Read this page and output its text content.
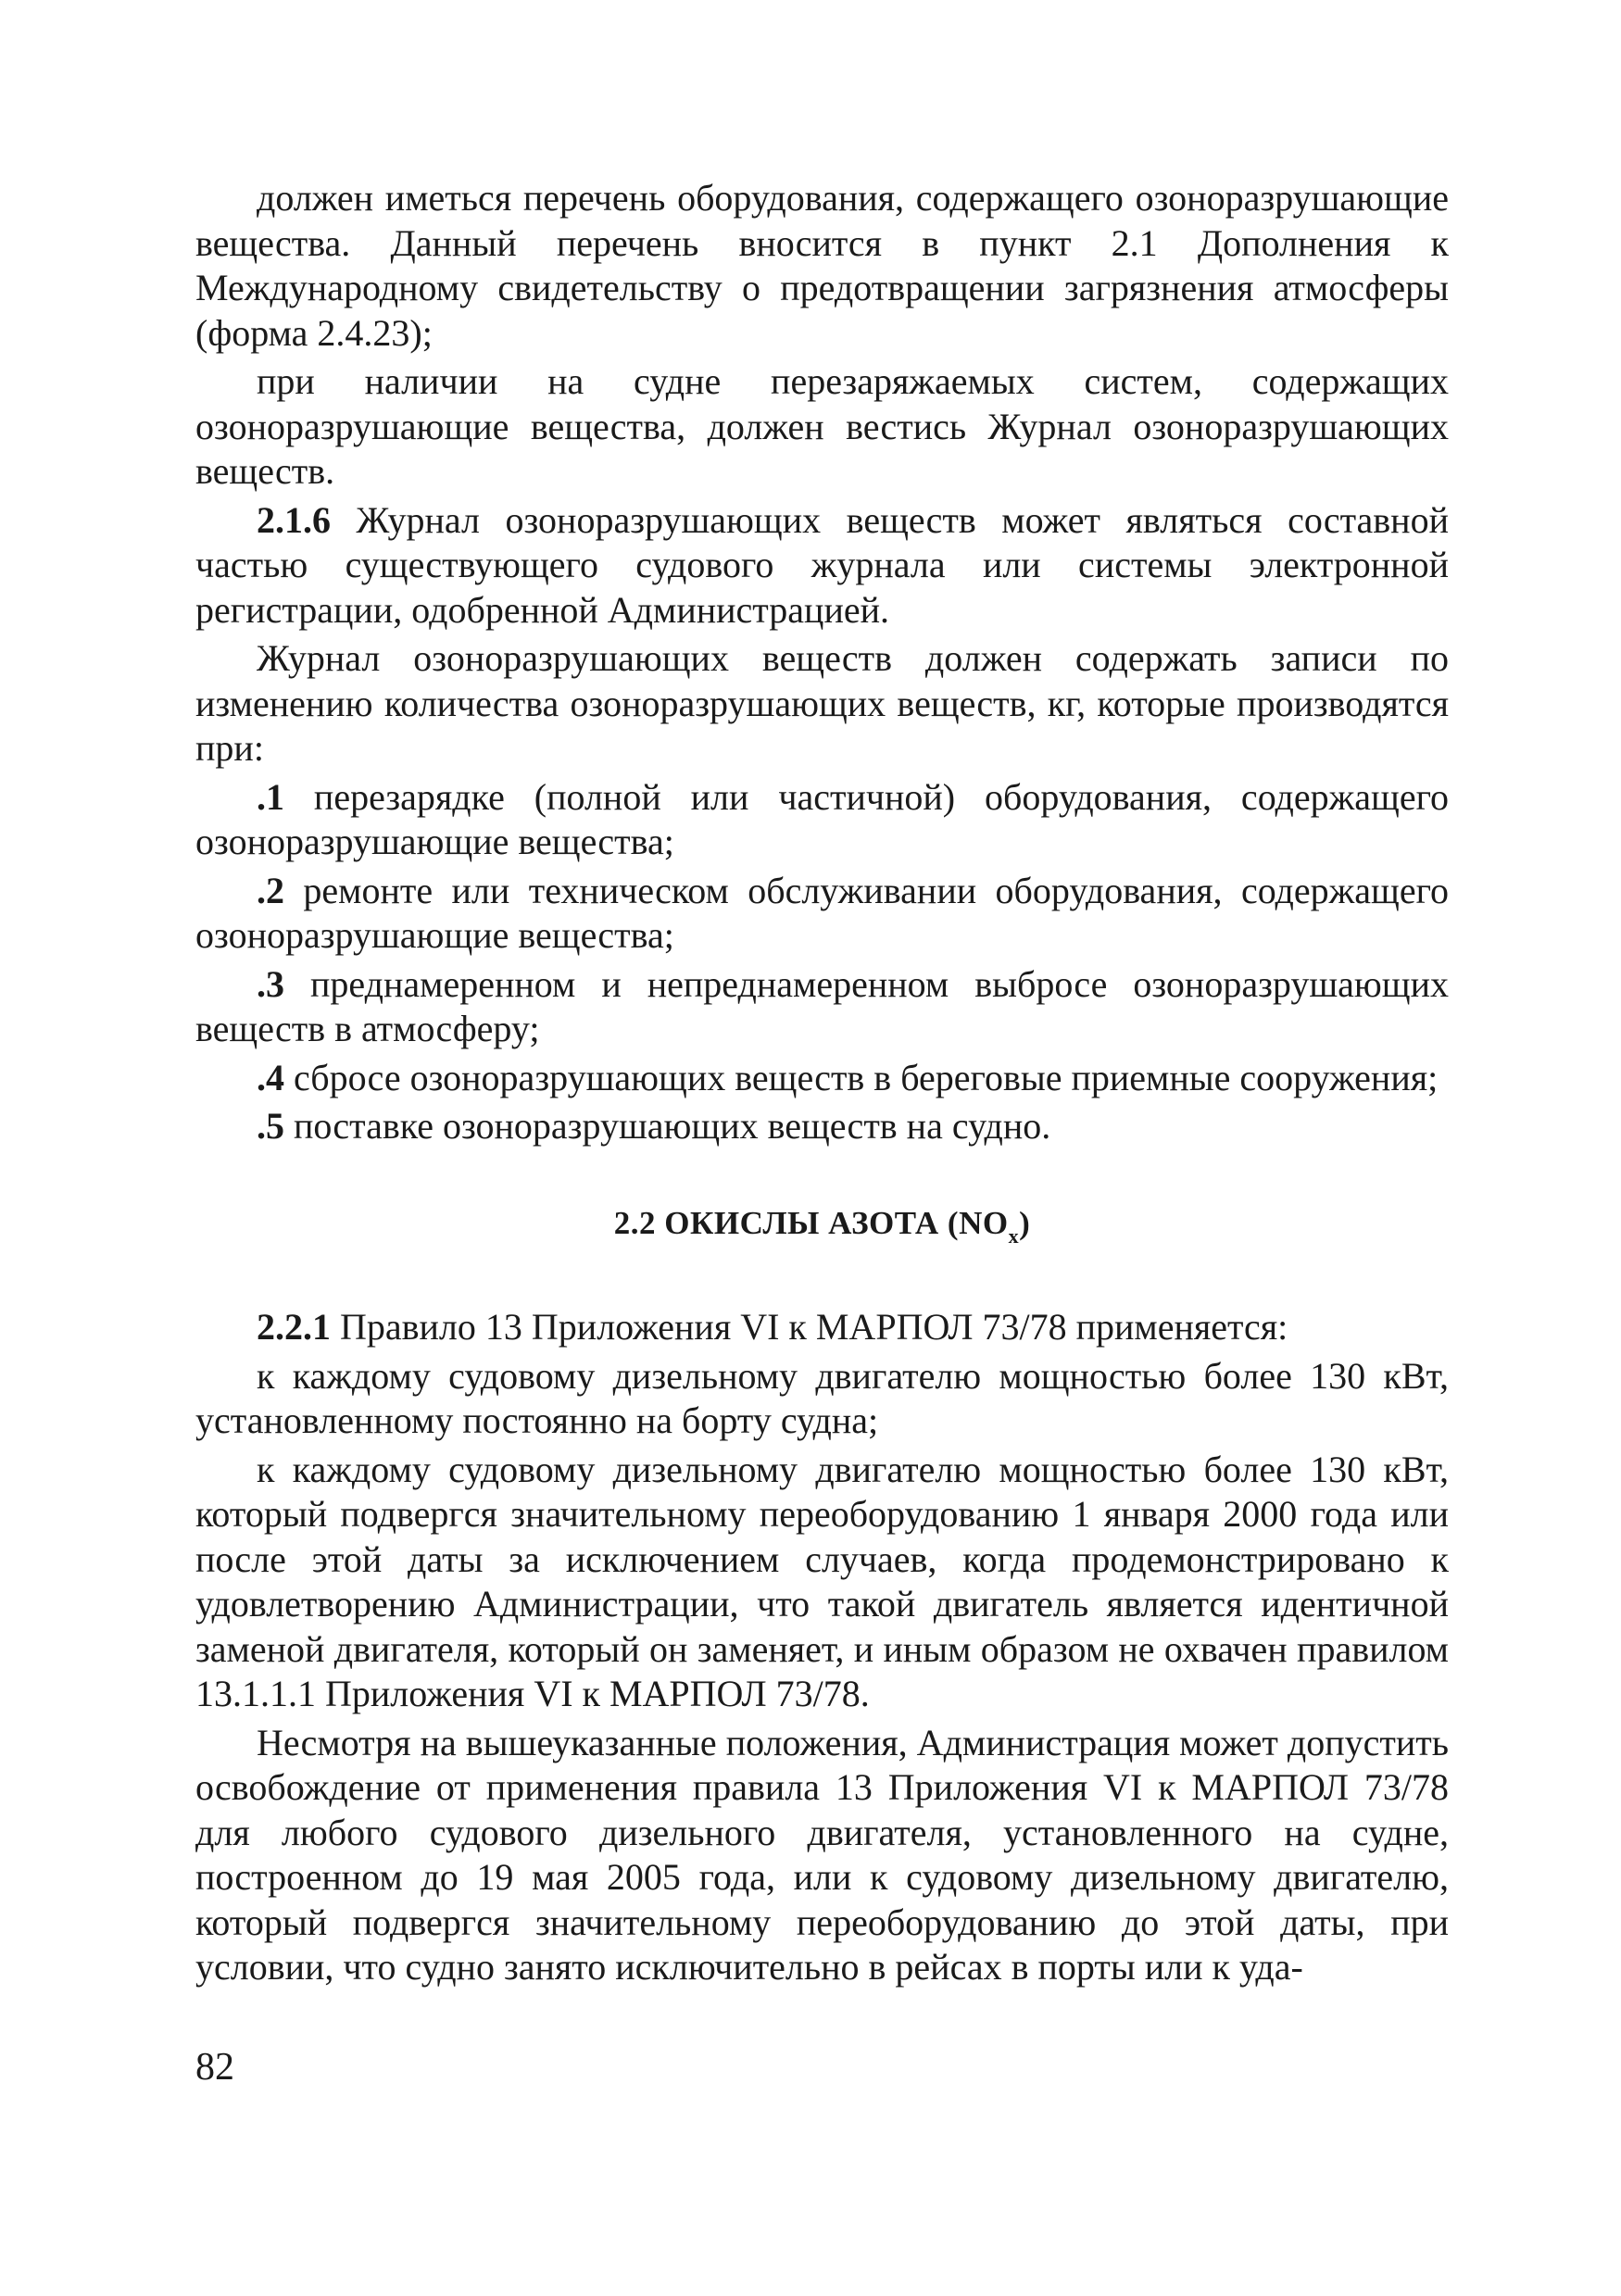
должен иметься перечень оборудования, содержащего озоноразрушающие вещества. Данный перечень вносится в пункт 2.1 Дополнения к Международному свидетельству о предотвращении загрязнения атмосферы (форма 2.4.23);

при наличии на судне перезаряжаемых систем, содержащих озоноразрушающие вещества, должен вестись Журнал озоноразрушающих веществ.

2.1.6 Журнал озоноразрушающих веществ может являться составной частью существующего судового журнала или системы электронной регистрации, одобренной Администрацией.

Журнал озоноразрушающих веществ должен содержать записи по изменению количества озоноразрушающих веществ, кг, которые производятся при:

.1 перезарядке (полной или частичной) оборудования, содержащего озоноразрушающие вещества;

.2 ремонте или техническом обслуживании оборудования, содержащего озоноразрушающие вещества;

.3 преднамеренном и непреднамеренном выбросе озоноразрушающих веществ в атмосферу;

.4 сбросе озоноразрушающих веществ в береговые приемные сооружения;

.5 поставке озоноразрушающих веществ на судно.

2.2 ОКИСЛЫ АЗОТА $(NO_x)$

2.2.1 Правило 13 Приложения VI к МАРПОЛ 73/78 применяется:

к каждому судовому дизельному двигателю мощностью более 130 кВт, установленному постоянно на борту судна;

к каждому судовому дизельному двигателю мощностью более 130 кВт, который подвергся значительному переоборудованию 1 января 2000 года или после этой даты за исключением случаев, когда продемонстрировано к удовлетворению Администрации, что такой двигатель является идентичной заменой двигателя, который он заменяет, и иным образом не охвачен правилом 13.1.1.1 Приложения VI к МАРПОЛ 73/78.

Несмотря на вышеуказанные положения, Администрация может допустить освобождение от применения правила 13 Приложения VI к МАРПОЛ 73/78 для любого судового дизельного двигателя, установленного на судне, построенном до 19 мая 2005 года, или к судовому дизельному двигателю, который подвергся значительному переоборудованию до этой даты, при условии, что судно занято исключительно в рейсах в порты или к уда-

82
